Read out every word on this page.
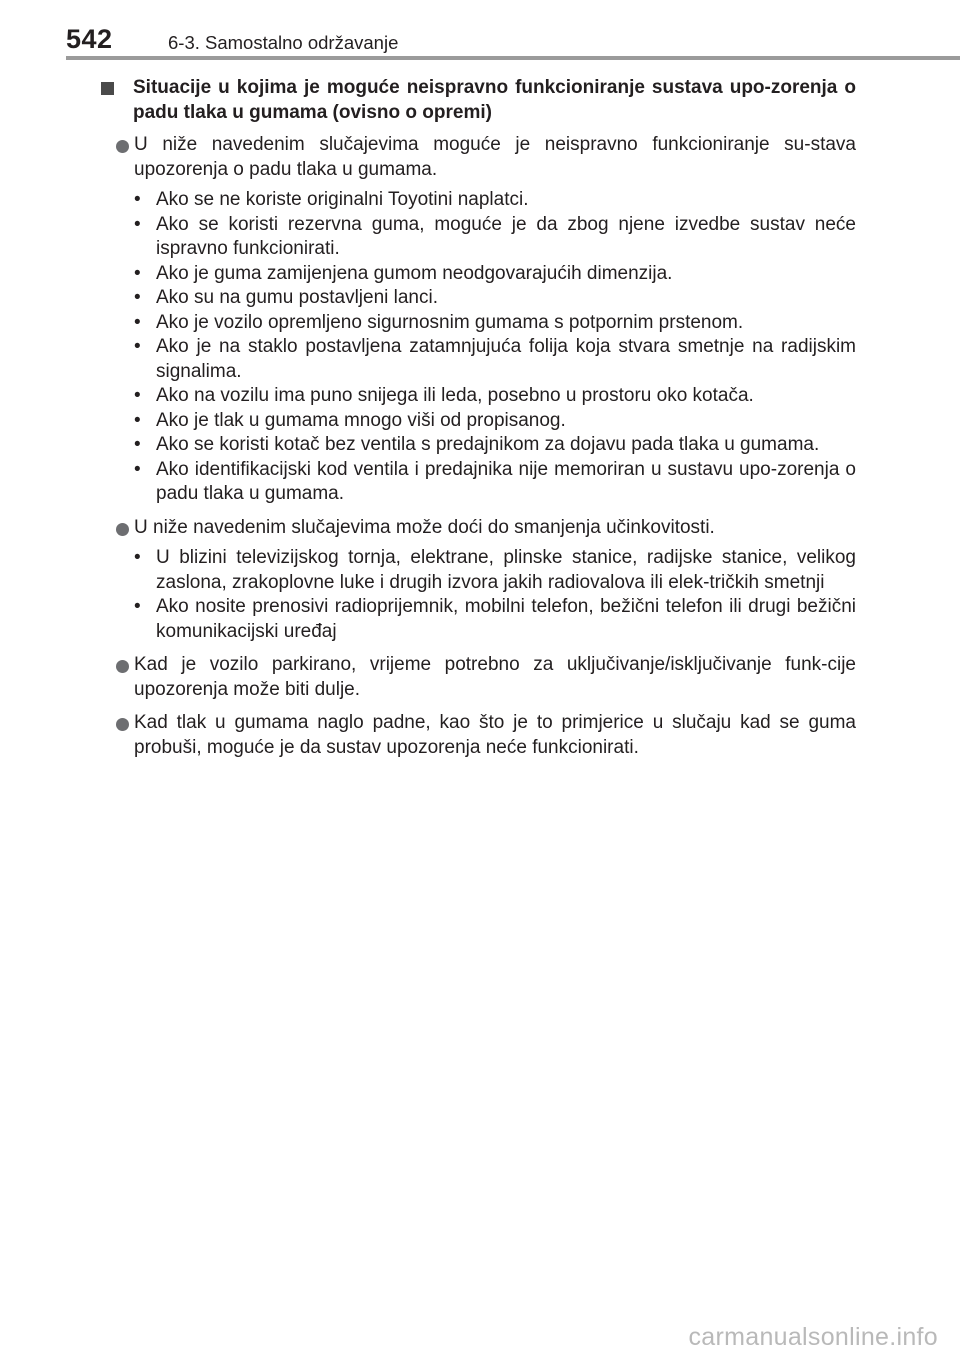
542	6-3. Samostalno održavanje
Situacije u kojima je moguće neispravno funkcioniranje sustava upo-zorenja o padu tlaka u gumama (ovisno o opremi)
U niže navedenim slučajevima moguće je neispravno funkcioniranje su-stava upozorenja o padu tlaka u gumama.
• Ako se ne koriste originalni Toyotini naplatci.
• Ako se koristi rezervna guma, moguće je da zbog njene izvedbe sustav neće ispravno funkcionirati.
• Ako je guma zamijenjena gumom neodgovarajućih dimenzija.
• Ako su na gumu postavljeni lanci.
• Ako je vozilo opremljeno sigurnosnim gumama s potpornim prstenom.
• Ako je na staklo postavljena zatamnjujuća folija koja stvara smetnje na radijskim signalima.
• Ako na vozilu ima puno snijega ili leda, posebno u prostoru oko kotača.
• Ako je tlak u gumama mnogo viši od propisanog.
• Ako se koristi kotač bez ventila s predajnikom za dojavu pada tlaka u gumama.
• Ako identifikacijski kod ventila i predajnika nije memoriran u sustavu upo-zorenja o padu tlaka u gumama.
U niže navedenim slučajevima može doći do smanjenja učinkovitosti.
• U blizini televizijskog tornja, elektrane, plinske stanice, radijske stanice, velikog zaslona, zrakoplovne luke i drugih izvora jakih radiovalova ili elek-tričkih smetnji
• Ako nosite prenosivi radioprijemnik, mobilni telefon, bežični telefon ili drugi bežični komunikacijski uređaj
Kad je vozilo parkirano, vrijeme potrebno za uključivanje/isključivanje funk-cije upozorenja može biti dulje.
Kad tlak u gumama naglo padne, kao što je to primjerice u slučaju kad se guma probuši, moguće je da sustav upozorenja neće funkcionirati.
carmanualsonline.info
